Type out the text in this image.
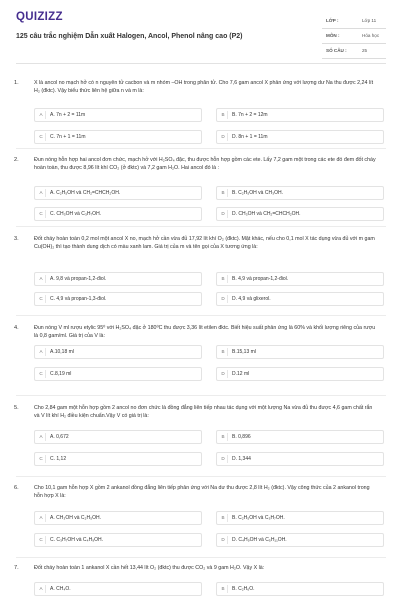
QUIZIZZ
125 câu trắc nghiệm Dẫn xuất Halogen, Ancol, Phenol nâng cao (P2)
LỚP :	Lớp 11
MÔN :	Hóa học
SỐ CÂU :	25
1.	X là ancol no mạch hở có n nguyên tử cacbon và m nhóm –OH trong phân tử. Cho 7,6 gam ancol X phản ứng với lượng dư Na thu được 2,24 lít H₂ (đktc). Vậy biểu thức liên hệ giữa n và m là:
A	A. 7n + 2 = 11m	B	B. 7n + 2 = 12m
C	C. 7n + 1 = 11m	D	D. 8n + 1 = 11m
2.	Đun nóng hỗn hợp hai ancol đơn chức, mạch hở với H₂SO₄ đặc, thu được hỗn hợp gồm các ete. Lấy 7,2 gam một trong các ete đó đem đốt cháy hoàn toàn, thu được 8,96 lít khí CO₂ (ở đktc) và 7,2 gam H₂O. Hai ancol đó là :
A	A. C₂H₅OH và CH₂=CHCH₂OH.	B	B. C₂H₅OH và CH₃OH.
C	C. CH₃OH và C₃H₇OH.	D	D. CH₃OH và CH₂=CHCH₂OH.
3.	Đốt cháy hoàn toàn 0,2 mol một ancol X no, mạch hở cần vừa đủ 17,92 lít khí O₂ (đktc). Mặt khác, nếu cho 0,1 mol X tác dụng vừa đủ với m gam Cu(OH)₂ thì tạo thành dung dịch có màu xanh lam. Giá trị của m và tên gọi của X tương ứng là:
A	A. 9,8 và propan-1,2-điol.	B	B. 4,9 và propan-1,2-điol.
C	C. 4,9 và propan-1,3-điol.	D	D. 4,9 và glixerol.
4.	Đun nóng V ml rượu etylic 95⁰ với H₂SO₄ đặc ở 180⁰C thu được 3,36 lít etilen đktc. Biết hiệu suất phản ứng là 60% và khối lượng riêng của rượu là 0,8 gam/ml. Giá trị của V là:
A	A.10,18 ml	B	B.15,13 ml
C	C.8,19 ml	D	D.12 ml
5.	Cho 2,84 gam một hỗn hợp gồm 2 ancol no đơn chức là đồng đẳng liên tiếp nhau tác dụng với một lượng Na vừa đủ thu được 4,6 gam chất rắn và V lít khí H₂ điều kiện chuẩn.Vậy V có giá trị là:
A	A. 0,672	B	B. 0,896
C	C. 1,12	D	D. 1,344
6.	Cho 10,1 gam hỗn hợp X gồm 2 ankanol đồng đẳng liên tiếp phản ứng với Na dư thu được 2,8 lít H₂ (đktc). Vậy công thức của 2 ankanol trong hỗn hợp X là:
A	A. CH₃OH và C₂H₅OH.	B	B. C₂H₅OH và C₃H₇OH.
C	C. C₃H₇OH và C₄H₉OH.	D	D. C₄H₉OH và C₅H₁₁OH.
7.	Đốt cháy hoàn toàn 1 ankanol X cần hết 13,44 lít O₂ (đktc) thu được CO₂ và 9 gam H₂O. Vậy X là:
A	A. CH₄O.	B	B. C₂H₆O.
